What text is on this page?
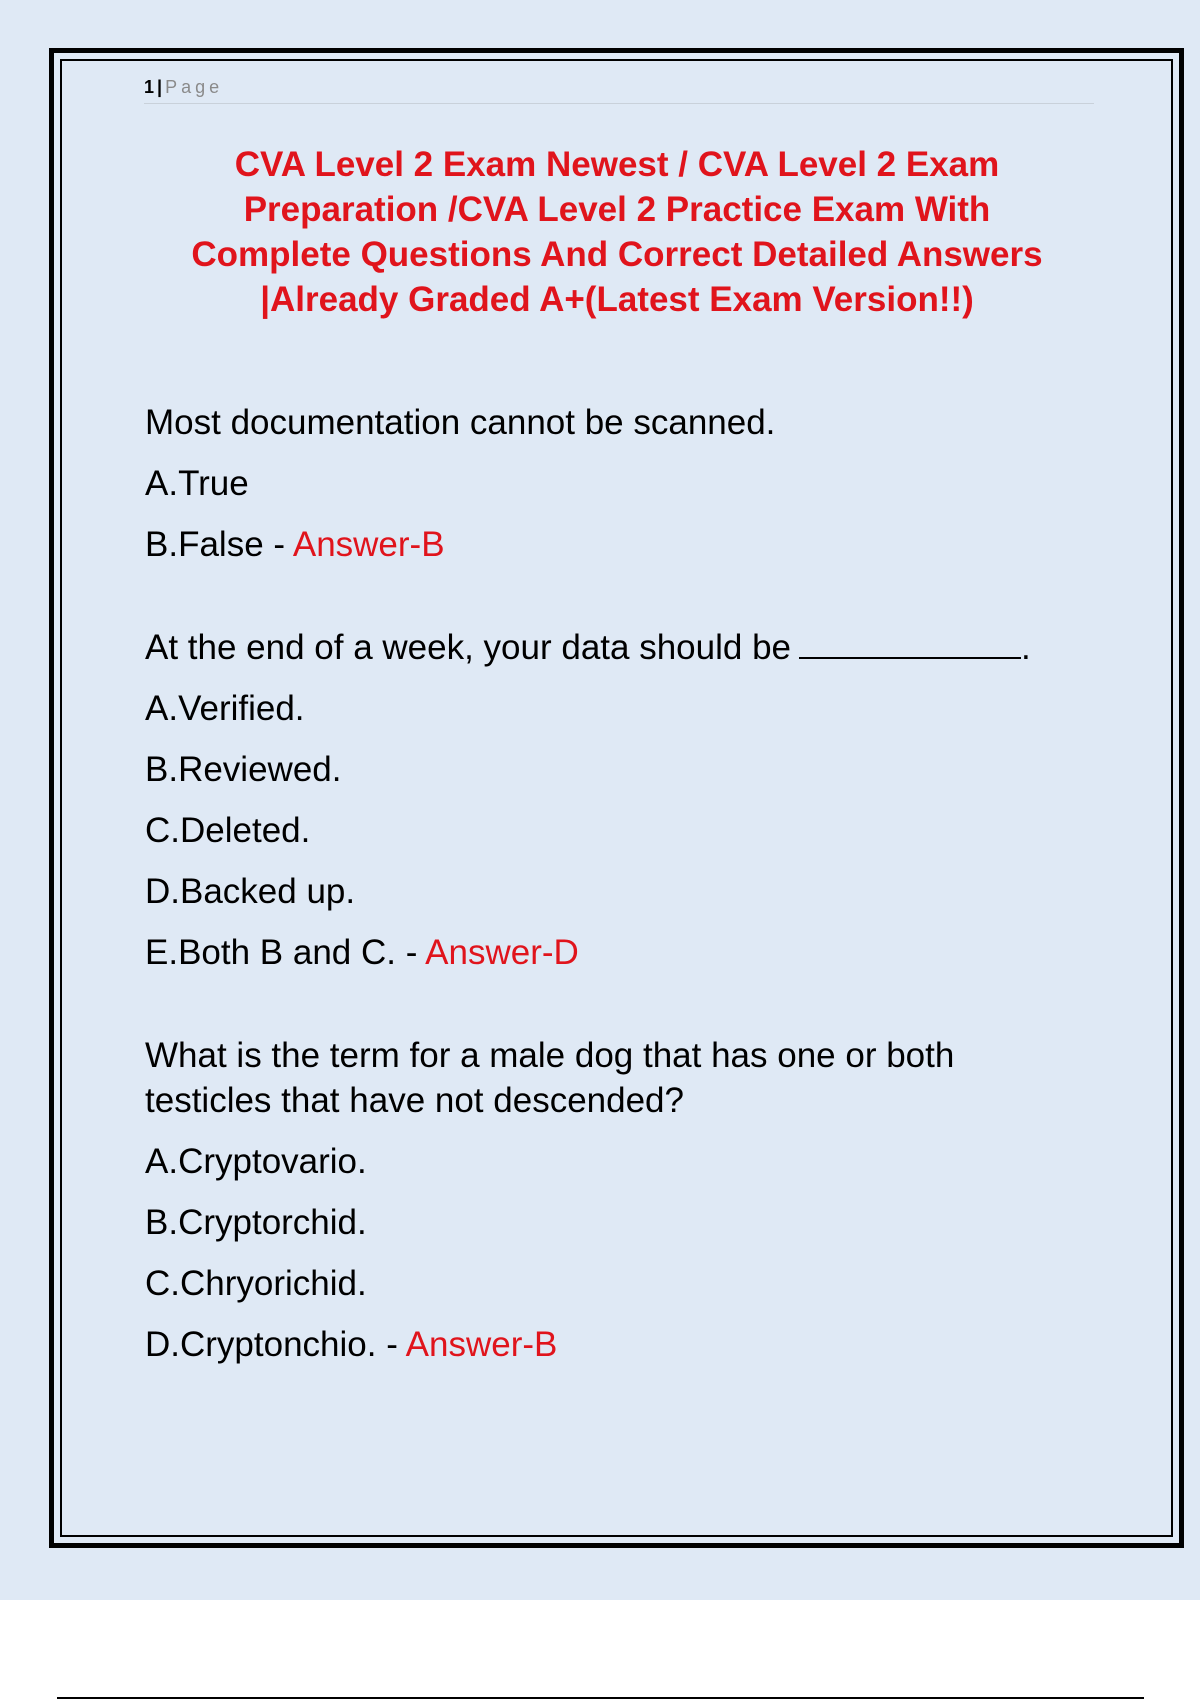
1 | Page
CVA Level 2 Exam Newest / CVA Level 2 Exam
Preparation /CVA Level 2 Practice Exam With
Complete Questions And Correct Detailed Answers
|Already Graded A+(Latest Exam Version!!)
Most documentation cannot be scanned.
A.True
B.False - Answer-B
At the end of a week, your data should be	.
A.Verified.
B.Reviewed.
C.Deleted.
D.Backed up.
E.Both B and C. - Answer-D
What is the term for a male dog that has one or both
testicles that have not descended?
A.Cryptovario.
B.Cryptorchid.
C.Chryorichid.
D.Cryptonchio. - Answer-B
